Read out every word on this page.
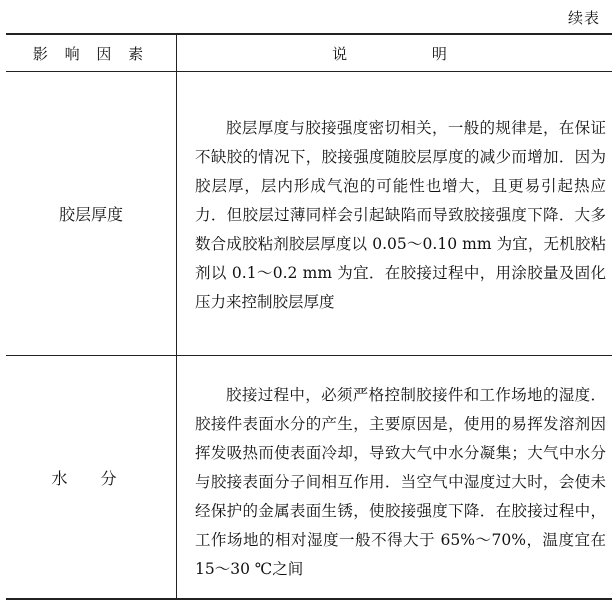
续表
影 响 因 素	说 明
胶层厚度

胶层厚度与胶接强度密切相关，一般的规律是，在保证不缺胶的情况下，胶接强度随胶层厚度的减少而增加．因为胶层厚，层内形成气泡的可能性也增大，且更易引起热应力．但胶层过薄同样会引起缺陷而导致胶接强度下降．大多数合成胶粘剂胶层厚度以 0.05～0.10 mm 为宜，无机胶粘剂以 0.1～0.2 mm 为宜．在胶接过程中，用涂胶量及固化压力来控制胶层厚度

水 分

胶接过程中，必须严格控制胶接件和工作场地的湿度．胶接件表面水分的产生，主要原因是，使用的易挥发溶剂因挥发吸热而使表面冷却，导致大气中水分凝集；大气中水分与胶接表面分子间相互作用．当空气中湿度过大时，会使未经保护的金属表面生锈，使胶接强度下降．在胶接过程中，工作场地的相对湿度一般不得大于 65%～70%，温度宜在 15～30 ℃之间
